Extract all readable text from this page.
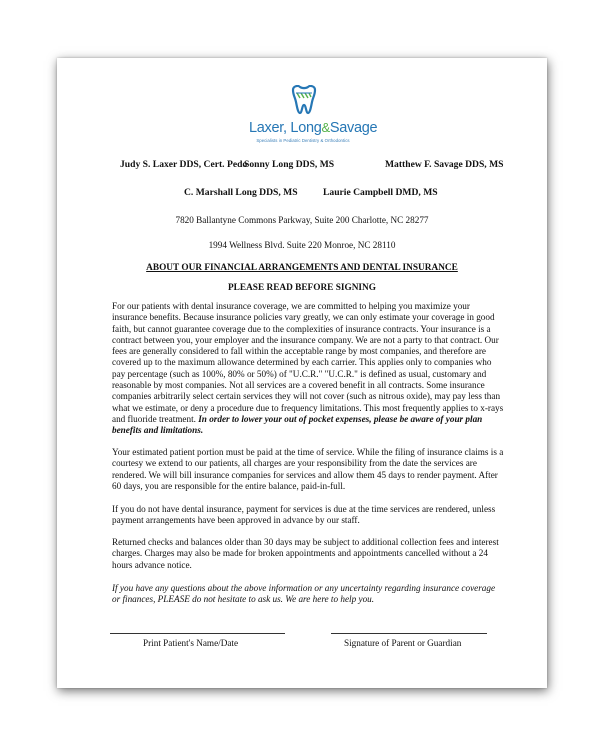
Laxer, Long&Savage
Specialists in Pediatric Dentistry & Orthodontics
Judy S. Laxer DDS, Cert. Pedo
Sonny Long DDS, MS	Matthew F. Savage DDS, MS
C. Marshall Long DDS, MS	Laurie Campbell DMD, MS
7820 Ballantyne Commons Parkway, Suite 200 Charlotte, NC 28277
1994 Wellness Blvd. Suite 220 Monroe, NC 28110
ABOUT OUR FINANCIAL ARRANGEMENTS AND DENTAL INSURANCE
PLEASE READ BEFORE SIGNING

For our patients with dental insurance coverage, we are committed to helping you maximize your insurance benefits. Because insurance policies vary greatly, we can only estimate your coverage in good faith, but cannot guarantee coverage due to the complexities of insurance contracts. Your insurance is a contract between you, your employer and the insurance company. We are not a party to that contract. Our fees are generally considered to fall within the acceptable range by most companies, and therefore are covered up to the maximum allowance determined by each carrier. This applies only to companies who pay percentage (such as 100%, 80% or 50%) of "U.C.R." "U.C.R." is defined as usual, customary and reasonable by most companies. Not all services are a covered benefit in all contracts. Some insurance companies arbitrarily select certain services they will not cover (such as nitrous oxide), may pay less than what we estimate, or deny a procedure due to frequency limitations. This most frequently applies to x-rays and fluoride treatment. In order to lower your out of pocket expenses, please be aware of your plan benefits and limitations.

Your estimated patient portion must be paid at the time of service. While the filing of insurance claims is a courtesy we extend to our patients, all charges are your responsibility from the date the services are rendered. We will bill insurance companies for services and allow them 45 days to render payment. After 60 days, you are responsible for the entire balance, paid-in-full.

If you do not have dental insurance, payment for services is due at the time services are rendered, unless payment arrangements have been approved in advance by our staff.

Returned checks and balances older than 30 days may be subject to additional collection fees and interest charges. Charges may also be made for broken appointments and appointments cancelled without a 24 hours advance notice.

If you have any questions about the above information or any uncertainty regarding insurance coverage or finances, PLEASE do not hesitate to ask us. We are here to help you.

Print Patient's Name/Date	Signature of Parent or Guardian
